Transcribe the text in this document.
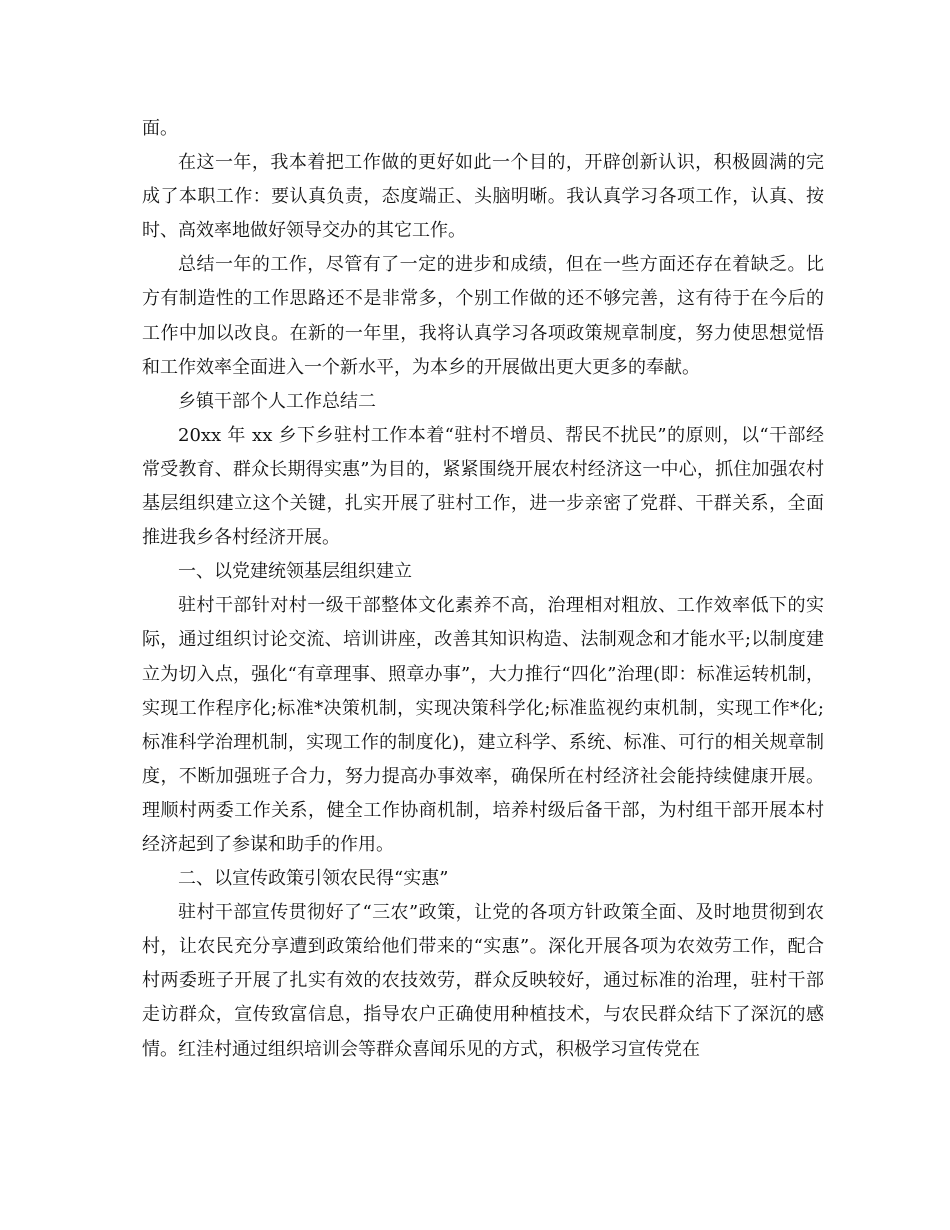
面。

在这一年，我本着把工作做的更好如此一个目的，开辟创新认识，积极圆满的完成了本职工作：要认真负责，态度端正、头脑明晰。我认真学习各项工作，认真、按时、高效率地做好领导交办的其它工作。

总结一年的工作，尽管有了一定的进步和成绩，但在一些方面还存在着缺乏。比方有制造性的工作思路还不是非常多，个别工作做的还不够完善，这有待于在今后的工作中加以改良。在新的一年里，我将认真学习各项政策规章制度，努力使思想觉悟和工作效率全面进入一个新水平，为本乡的开展做出更大更多的奉献。

乡镇干部个人工作总结二

20xx 年 xx 乡下乡驻村工作本着“驻村不增员、帮民不扰民”的原则，以“干部经常受教育、群众长期得实惠”为目的，紧紧围绕开展农村经济这一中心，抓住加强农村基层组织建立这个关键，扎实开展了驻村工作，进一步亲密了党群、干群关系，全面推进我乡各村经济开展。

一、以党建统领基层组织建立

驻村干部针对村一级干部整体文化素养不高，治理相对粗放、工作效率低下的实际，通过组织讨论交流、培训讲座，改善其知识构造、法制观念和才能水平;以制度建立为切入点，强化“有章理事、照章办事”，大力推行“四化”治理(即：标准运转机制，实现工作程序化;标准*决策机制，实现决策科学化;标准监视约束机制，实现工作*化;标准科学治理机制，实现工作的制度化)，建立科学、系统、标准、可行的相关规章制度，不断加强班子合力，努力提高办事效率，确保所在村经济社会能持续健康开展。理顺村两委工作关系，健全工作协商机制，培养村级后备干部，为村组干部开展本村经济起到了参谋和助手的作用。

二、以宣传政策引领农民得“实惠”

驻村干部宣传贯彻好了“三农”政策，让党的各项方针政策全面、及时地贯彻到农村，让农民充分享遭到政策给他们带来的“实惠”。深化开展各项为农效劳工作，配合村两委班子开展了扎实有效的农技效劳，群众反映较好，通过标准的治理，驻村干部走访群众，宣传致富信息，指导农户正确使用种植技术，与农民群众结下了深沉的感情。红洼村通过组织培训会等群众喜闻乐见的方式，积极学习宣传党在
